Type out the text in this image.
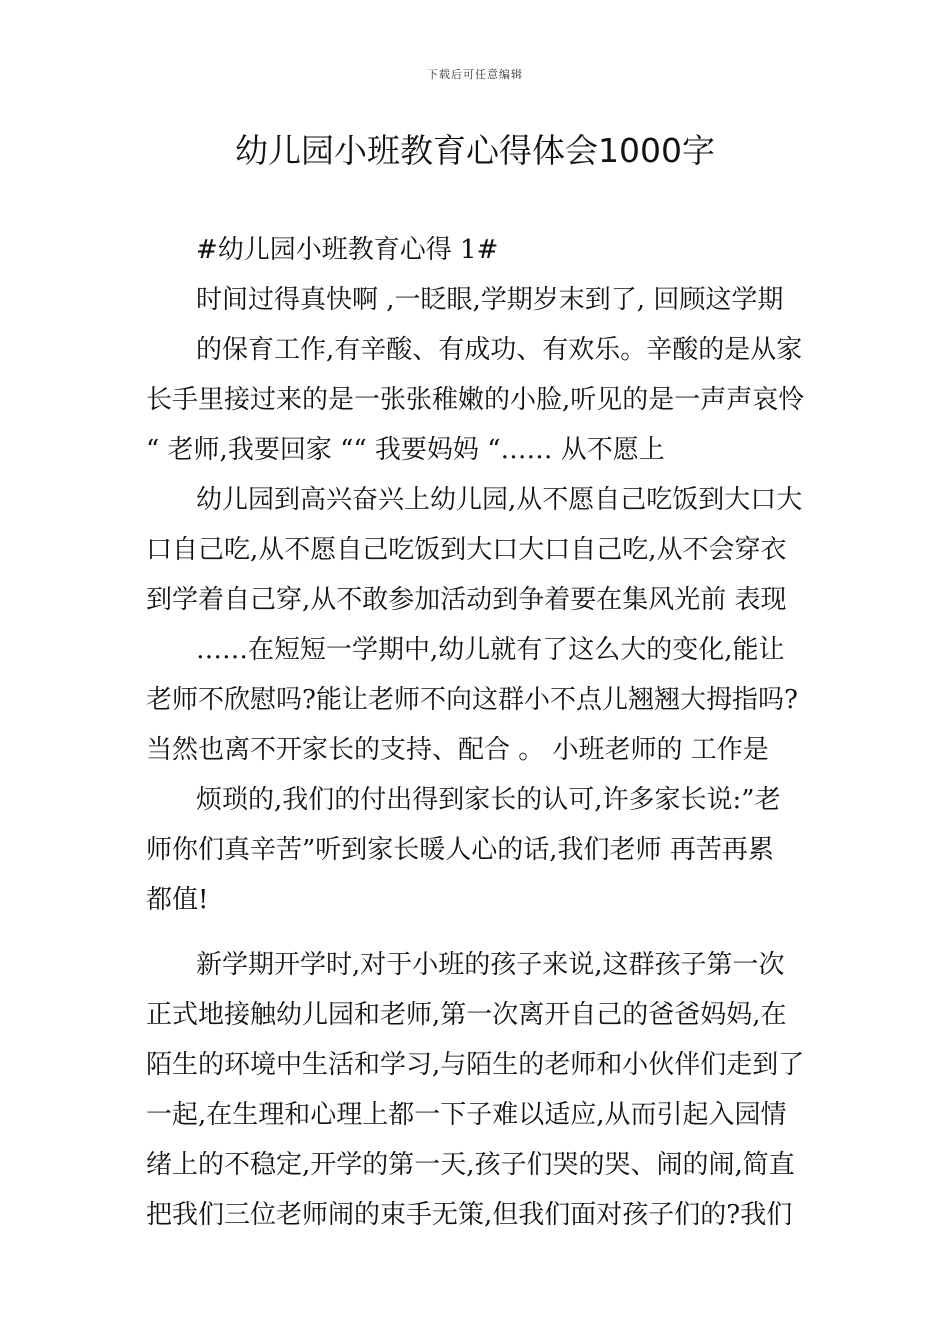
下载后可任意编辑
幼儿园小班教育心得体会1000字
#幼儿园小班教育心得 1#
时间过得真快啊 ,一眨眼,学期岁末到了, 回顾这学期
的保育工作,有辛酸、有成功、有欢乐。辛酸的是从家
长手里接过来的是一张张稚嫩的小脸,听见的是一声声哀怜
“ 老师,我要回家 ““ 我要妈妈 “…… 从不愿上
幼儿园到高兴奋兴上幼儿园,从不愿自己吃饭到大口大
口自己吃,从不愿自己吃饭到大口大口自己吃,从不会穿衣
到学着自己穿,从不敢参加活动到争着要在集风光前 表现
……在短短一学期中,幼儿就有了这么大的变化,能让
老师不欣慰吗?能让老师不向这群小不点儿翘翘大拇指吗?
当然也离不开家长的支持、配合 。 小班老师的 工作是
烦琐的,我们的付出得到家长的认可,许多家长说:”老
师你们真辛苦”听到家长暖人心的话,我们老师 再苦再累
都值!
新学期开学时,对于小班的孩子来说,这群孩子第一次
正式地接触幼儿园和老师,第一次离开自己的爸爸妈妈,在
陌生的环境中生活和学习,与陌生的老师和小伙伴们走到了
一起,在生理和心理上都一下子难以适应,从而引起入园情
绪上的不稳定,开学的第一天,孩子们哭的哭、闹的闹,简直
把我们三位老师闹的束手无策,但我们面对孩子们的?我们
